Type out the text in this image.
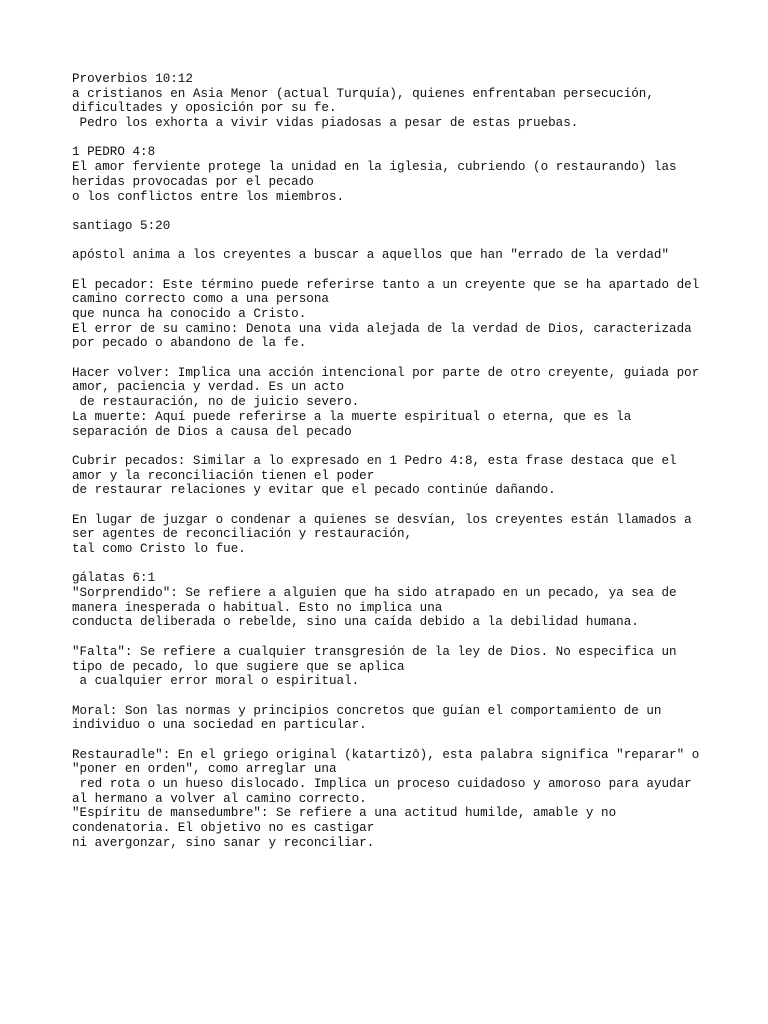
Proverbios 10:12
a cristianos en Asia Menor (actual Turquía), quienes enfrentaban persecución,
dificultades y oposición por su fe.
Pedro los exhorta a vivir vidas piadosas a pesar de estas pruebas.
1 PEDRO 4:8
El amor ferviente protege la unidad en la iglesia, cubriendo (o restaurando) las
heridas provocadas por el pecado
o los conflictos entre los miembros.
santiago 5:20
apóstol anima a los creyentes a buscar a aquellos que han "errado de la verdad"
El pecador: Este término puede referirse tanto a un creyente que se ha apartado del
camino correcto como a una persona
que nunca ha conocido a Cristo.
El error de su camino: Denota una vida alejada de la verdad de Dios, caracterizada
por pecado o abandono de la fe.
Hacer volver: Implica una acción intencional por parte de otro creyente, guiada por
amor, paciencia y verdad. Es un acto
de restauración, no de juicio severo.
La muerte: Aquí puede referirse a la muerte espiritual o eterna, que es la
separación de Dios a causa del pecado
Cubrir pecados: Similar a lo expresado en 1 Pedro 4:8, esta frase destaca que el
amor y la reconciliación tienen el poder
de restaurar relaciones y evitar que el pecado continúe dañando.
En lugar de juzgar o condenar a quienes se desvían, los creyentes están llamados a
ser agentes de reconciliación y restauración,
tal como Cristo lo fue.
gálatas 6:1
"Sorprendido": Se refiere a alguien que ha sido atrapado en un pecado, ya sea de
manera inesperada o habitual. Esto no implica una
conducta deliberada o rebelde, sino una caída debido a la debilidad humana.
"Falta": Se refiere a cualquier transgresión de la ley de Dios. No especifica un
tipo de pecado, lo que sugiere que se aplica
a cualquier error moral o espiritual.
Moral: Son las normas y principios concretos que guían el comportamiento de un
individuo o una sociedad en particular.
Restauradle": En el griego original (katartizō), esta palabra significa "reparar" o
"poner en orden", como arreglar una
red rota o un hueso dislocado. Implica un proceso cuidadoso y amoroso para ayudar
al hermano a volver al camino correcto.
"Espíritu de mansedumbre": Se refiere a una actitud humilde, amable y no
condenatoria. El objetivo no es castigar
ni avergonzar, sino sanar y reconciliar.
